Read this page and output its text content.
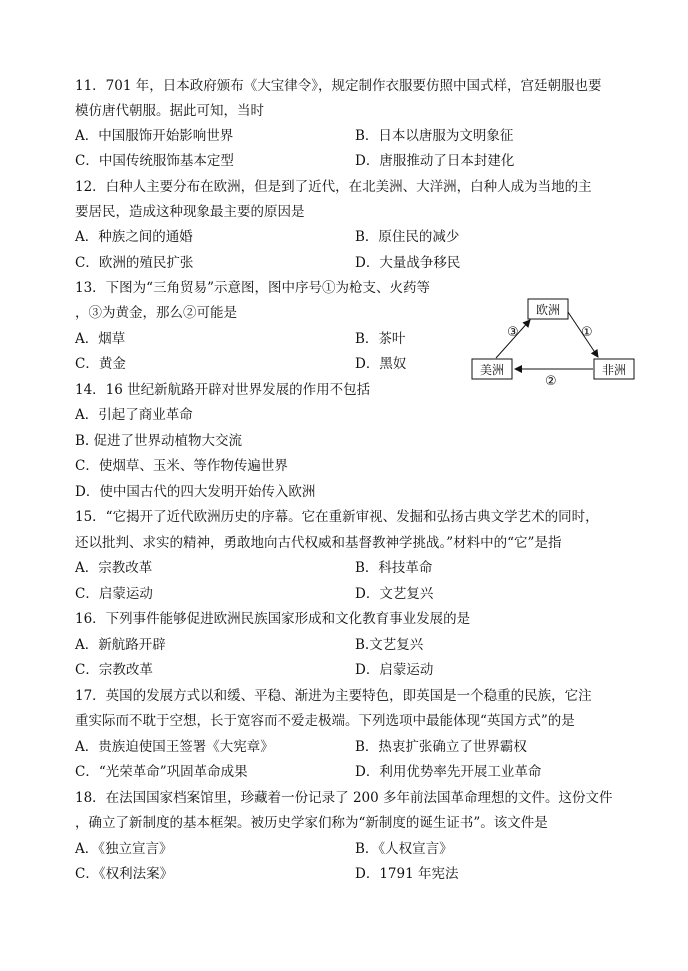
11．701 年，日本政府颁布《大宝律令》，规定制作衣服要仿照中国式样，宫廷朝服也要
模仿唐代朝服。据此可知，当时
A．中国服饰开始影响世界	B．日本以唐服为文明象征
C．中国传统服饰基本定型	D．唐服推动了日本封建化
12．白种人主要分布在欧洲，但是到了近代，在北美洲、大洋洲，白种人成为当地的主
要居民，造成这种现象最主要的原因是
A．种族之间的通婚	B．原住民的减少
C．欧洲的殖民扩张	D．大量战争移民
13．下图为“三角贸易”示意图，图中序号①为枪支、火药等
，③为黄金，那么②可能是
A．烟草	B．茶叶
C．黄金	D．黑奴
欧洲
美洲	非洲
①
②
③
14．16 世纪新航路开辟对世界发展的作用不包括
A．引起了商业革命
B. 促进了世界动植物大交流
C．使烟草、玉米、等作物传遍世界
D．使中国古代的四大发明开始传入欧洲
15．“它揭开了近代欧洲历史的序幕。它在重新审视、发掘和弘扬古典文学艺术的同时，
还以批判、求实的精神，勇敢地向古代权威和基督教神学挑战。”材料中的“它”是指
A．宗教改革	B．科技革命
C．启蒙运动	D．文艺复兴
16．下列事件能够促进欧洲民族国家形成和文化教育事业发展的是
A．新航路开辟	B.文艺复兴
C．宗教改革	D．启蒙运动
17．英国的发展方式以和缓、平稳、渐进为主要特色，即英国是一个稳重的民族，它注
重实际而不耽于空想，长于宽容而不爱走极端。下列选项中最能体现“英国方式”的是
A．贵族迫使国王签署《大宪章》	B．热衷扩张确立了世界霸权
C．“光荣革命”巩固革命成果	D．利用优势率先开展工业革命
18．在法国国家档案馆里，珍藏着一份记录了 200 多年前法国革命理想的文件。这份文件
，确立了新制度的基本框架。被历史学家们称为“新制度的诞生证书”。该文件是
A．《独立宣言》	B．《人权宣言》
C．《权利法案》	D．1791 年宪法
